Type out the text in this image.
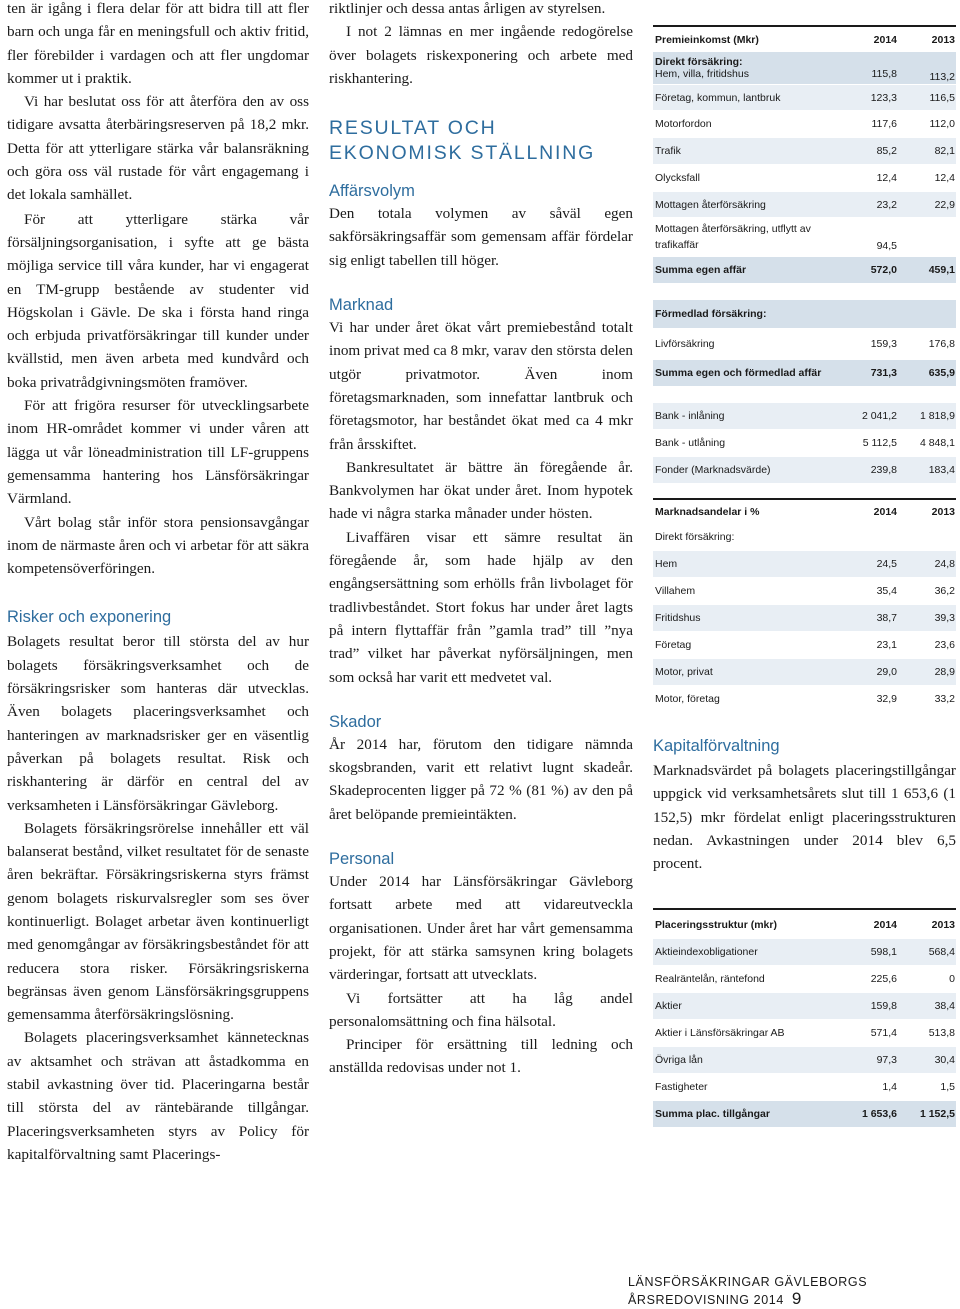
ten är igång i flera delar för att bidra till att fler barn och unga får en meningsfull och aktiv fritid, fler förebilder i vardagen och att fler ungdomar kommer ut i praktik.

Vi har beslutat oss för att återföra den av oss tidigare avsatta återbäringsreserven på 18,2 mkr. Detta för att ytterligare stärka vår balansräkning och göra oss väl rustade för vårt engagemang i det lokala samhället.

För att ytterligare stärka vår försäljningsorganisation, i syfte att ge bästa möjliga service till våra kunder, har vi engagerat en TM-grupp bestående av studenter vid Högskolan i Gävle. De ska i första hand ringa och erbjuda privatförsäkringar till kunder under kvällstid, men även arbeta med kundvård och boka privatrådgivningsmöten framöver.

För att frigöra resurser för utvecklingsarbete inom HR-området kommer vi under våren att lägga ut vår löneadministration till LF-gruppens gemensamma hantering hos Länsförsäkringar Värmland.

Vårt bolag står inför stora pensionsavgångar inom de närmaste åren och vi arbetar för att säkra kompetensöverföringen.

Risker och exponering

Bolagets resultat beror till största del av hur bolagets försäkringsverksamhet och de försäkringsrisker som hanteras där utvecklas. Även bolagets placeringsverksamhet och hanteringen av marknadsrisker ger en väsentlig påverkan på bolagets resultat. Risk och riskhantering är därför en central del av verksamheten i Länsförsäkringar Gävleborg.

Bolagets försäkringsrörelse innehåller ett väl balanserat bestånd, vilket resultatet för de senaste åren bekräftar. Försäkringsriskerna styrs främst genom bolagets riskurvalsregler som ses över kontinuerligt. Bolaget arbetar även kontinuerligt med genomgångar av försäkringsbeståndet för att reducera stora risker. Försäkringsriskerna begränsas även genom Länsförsäkringsgruppens gemensamma återförsäkringslösning.

Bolagets placeringsverksamhet kännetecknas av aktsamhet och strävan att åstadkomma en stabil avkastning över tid. Placeringarna består till största del av räntebärande tillgångar. Placeringsverksamheten styrs av Policy för kapitalförvaltning samt Placerings-

riktlinjer och dessa antas årligen av styrelsen.

I not 2 lämnas en mer ingående redogörelse över bolagets riskexponering och arbete med riskhantering.

RESULTAT OCH EKONOMISK STÄLLNING
Affärsvolym

Den totala volymen av såväl egen sakförsäkringsaffär som gemensam affär fördelar sig enligt tabellen till höger.

Marknad

Vi har under året ökat vårt premiebestånd totalt inom privat med ca 8 mkr, varav den största delen utgör privatmotor. Även inom företagsmarknaden, som innefattar lantbruk och företagsmotor, har beståndet ökat med ca 4 mkr från årsskiftet.

Bankresultatet är bättre än föregående år. Bankvolymen har ökat under året. Inom hypotek hade vi några starka månader under hösten.

Livaffären visar ett sämre resultat än föregående år, som hade hjälp av den engångsersättning som erhölls från livbolaget för tradlivbeståndet. Stort fokus har under året lagts på intern flyttaffär från ”gamla trad” till ”nya trad” vilket har påverkat nyförsäljningen, men som också har varit ett medvetet val.

Skador

År 2014 har, förutom den tidigare nämnda skogsbranden, varit ett relativt lugnt skadeår. Skadeprocenten ligger på 72 % (81 %) av den på året belöpande premieintäkten.

Personal

Under 2014 har Länsförsäkringar Gävleborg fortsatt arbete med att vidareutveckla organisationen. Under året har vårt gemensamma projekt, för att stärka samsynen kring bolagets värderingar, fortsatt att utvecklats.

Vi fortsätter att ha låg andel personalomsättning och fina hälsotal.

Principer för ersättning till ledning och anställda redovisas under not 1.

Premieinkomst (Mkr)	2014	2013
Direkt försäkring:
Hem, villa, fritidshus	115,8	113,2
Företag, kommun, lantbruk	123,3	116,5
Motorfordon	117,6	112,0
Trafik	85,2	82,1
Olycksfall	12,4	12,4
Mottagen återförsäkring	23,2	22,9
Mottagen återförsäkring, utflytt av
trafikaffär	94,5
Summa egen affär	572,0	459,1
Förmedlad försäkring:
Livförsäkring	159,3	176,8
Summa egen och förmedlad affär	731,3	635,9
Bank - inlåning	2 041,2	1 818,9
Bank - utlåning	5 112,5	4 848,1
Fonder (Marknadsvärde)	239,8	183,4
Marknadsandelar i %	2014	2013
Direkt försäkring:
Hem	24,5	24,8
Villahem	35,4	36,2
Fritidshus	38,7	39,3
Företag	23,1	23,6
Motor, privat	29,0	28,9
Motor, företag	32,9	33,2
Kapitalförvaltning

Marknadsvärdet på bolagets placeringstillgångar uppgick vid verksamhetsårets slut till 1 653,6 (1 152,5) mkr fördelat enligt placeringsstrukturen nedan. Avkastningen under 2014 blev 6,5 procent.

Placeringsstruktur (mkr)	2014	2013
Aktieindexobligationer	598,1	568,4
Realräntelån, räntefond	225,6	0
Aktier	159,8	38,4
Aktier i Länsförsäkringar AB	571,4	513,8
Övriga lån	97,3	30,4
Fastigheter	1,4	1,5
Summa plac. tillgångar	1 653,6	1 152,5
LÄNSFÖRSÄKRINGAR GÄVLEBORGS ÅRSREDOVISNING 2014 9
